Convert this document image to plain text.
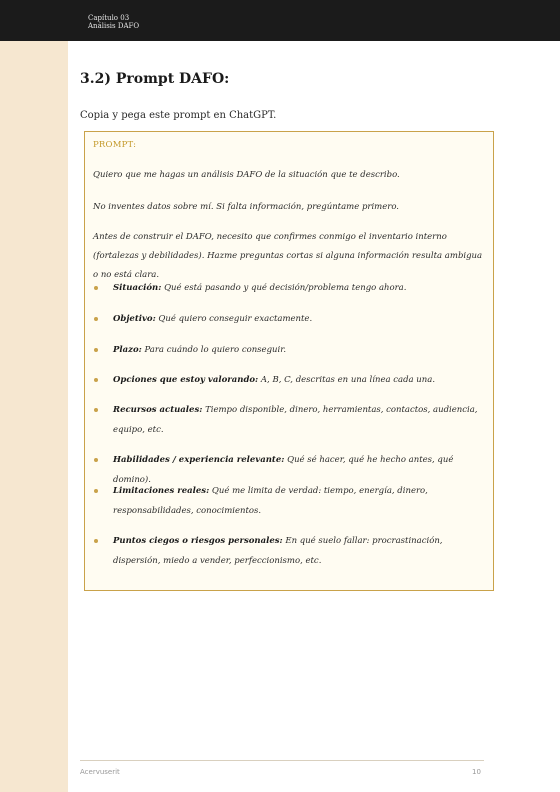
Capítulo 03
Análisis DAFO
3.2) Prompt DAFO:
Copia y pega este prompt en ChatGPT.
PROMPT:
Quiero que me hagas un análisis DAFO de la situación que te describo.
No inventes datos sobre mí. Si falta información, pregúntame primero.
Antes de construir el DAFO, necesito que confirmes conmigo el inventario interno (fortalezas y debilidades). Hazme preguntas cortas si alguna información resulta ambigua o no está clara.
Situación: Qué está pasando y qué decisión/problema tengo ahora.
Objetivo: Qué quiero conseguir exactamente.
Plazo: Para cuándo lo quiero conseguir.
Opciones que estoy valorando: A, B, C, descritas en una línea cada una.
Recursos actuales: Tiempo disponible, dinero, herramientas, contactos, audiencia, equipo, etc.
Habilidades / experiencia relevante: Qué sé hacer, qué he hecho antes, qué domino).
Limitaciones reales: Qué me limita de verdad: tiempo, energía, dinero, responsabilidades, conocimientos.
Puntos ciegos o riesgos personales: En qué suelo fallar: procrastinación, dispersión, miedo a vender, perfeccionismo, etc.
Acervuserit	10
